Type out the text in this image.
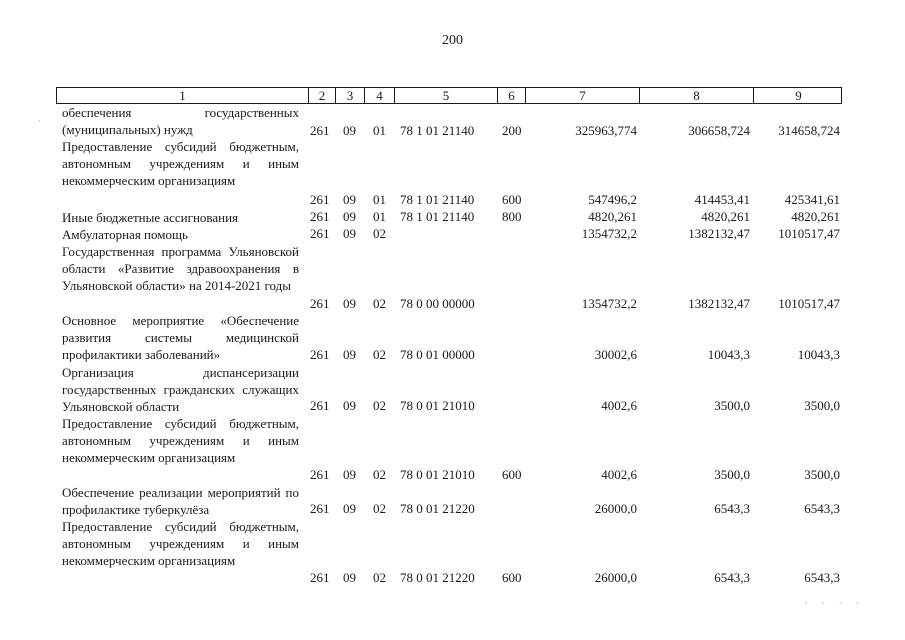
200
·
1	2	3	4	5	6	7	8	9
обеспечения государственных (муниципальных) нужд	261 09 01 78 1 01 21140 200	325963,774	306658,724	314658,724
Предоставление субсидий бюджетным, автономным учреждениям и иным некоммерческим организациям
261 09 01 78 1 01 21140 600	547496,2	414453,41	425341,61
Иные бюджетные ассигнования	261 09 01 78 1 01 21140 800	4820,261	4820,261	4820,261
Амбулаторная помощь	261 09 02	1354732,2	1382132,47	1010517,47
Государственная программа Ульяновской области «Развитие здравоохранения в Ульяновской области» на 2014-2021 годы
261 09 02 78 0 00 00000	1354732,2	1382132,47	1010517,47
Основное мероприятие «Обеспечение развития системы медицинской профилактики заболеваний»	261 09 02 78 0 01 00000	30002,6	10043,3	10043,3
Организация диспансеризации государственных гражданских служащих Ульяновской области	261 09 02 78 0 01 21010	4002,6	3500,0	3500,0
Предоставление субсидий бюджетным, автономным учреждениям и иным некоммерческим организациям
261 09 02 78 0 01 21010 600	4002,6	3500,0	3500,0
Обеспечение реализации мероприятий по профилактике туберкулёза	261 09 02 78 0 01 21220	26000,0	6543,3	6543,3
Предоставление субсидий бюджетным, автономным учреждениям и иным некоммерческим организациям
261 09 02 78 0 01 21220 600	26000,0	6543,3	6543,3
· · · ·
